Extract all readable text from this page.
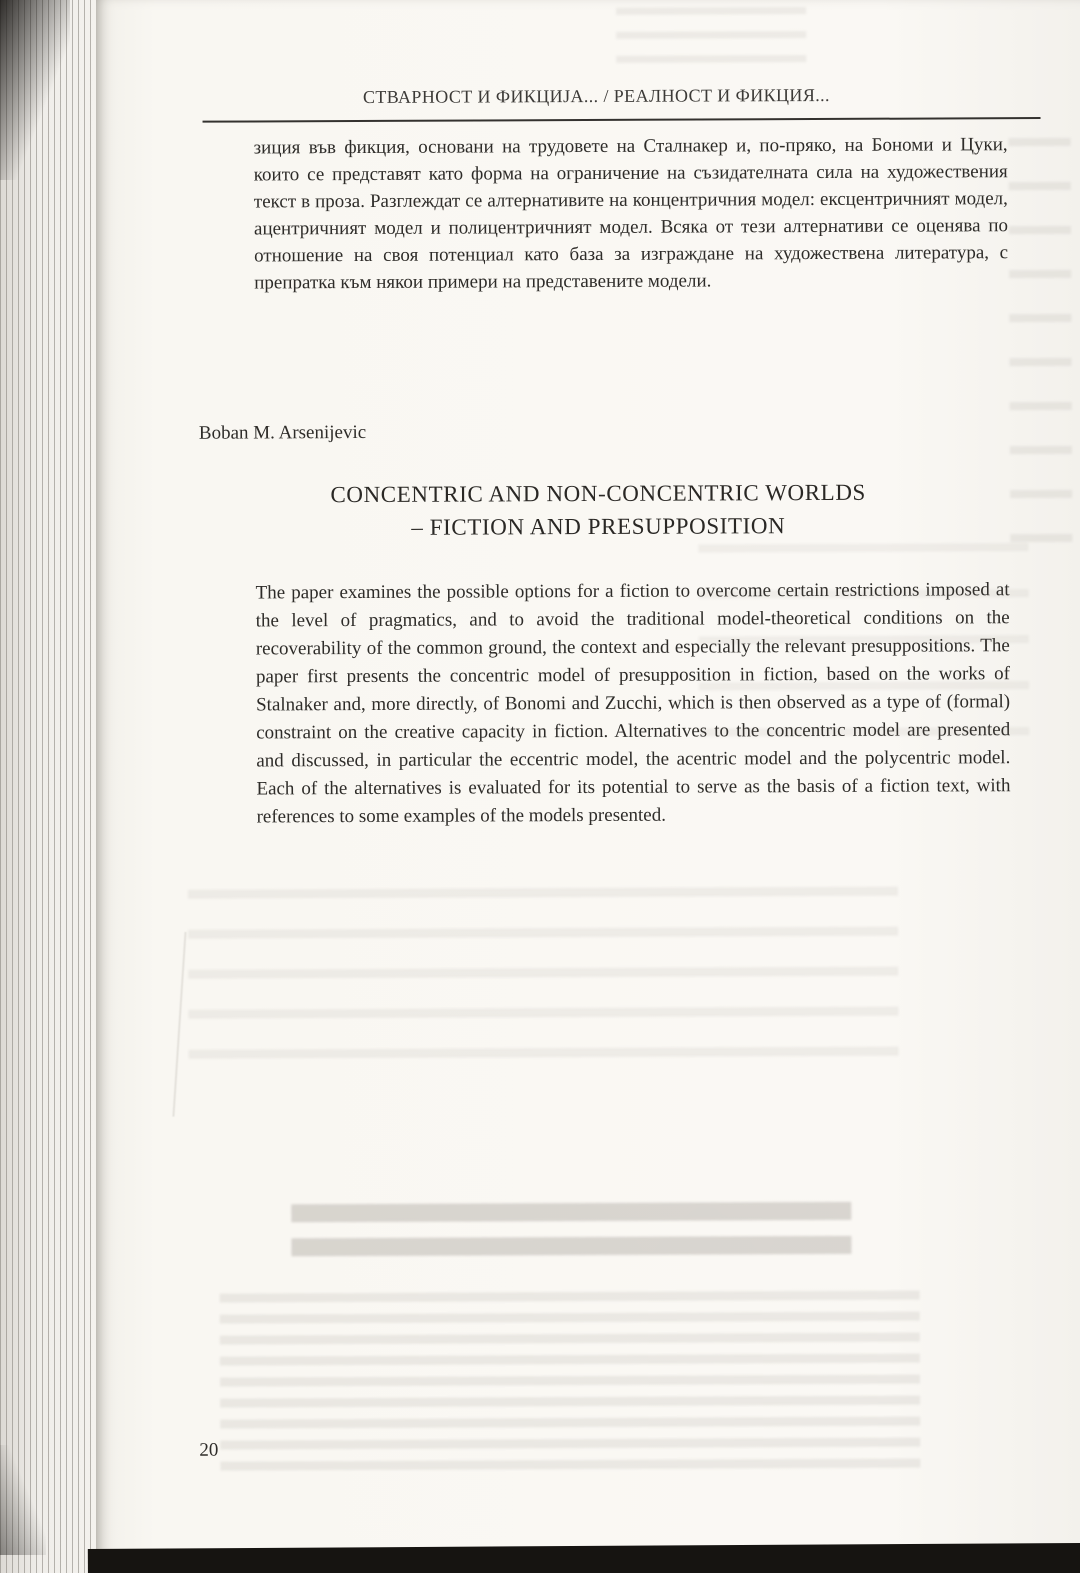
СТВАРНОСТ И ФИКЦИЈА... / РЕАЛНОСТ И ФИКЦИЯ...
зиция във фикция, основани на трудовете на Сталнакер и, по-пряко, на Бономи и Цуки, които се представят като форма на ограничение на съзидателната сила на художествения текст в проза. Разглеждат се алтернативите на концентричния модел: ексцентричният модел, ацентричният модел и полицентричният модел. Всяка от тези алтернативи се оценява по отношение на своя потенциал като база за изграждане на художествена литература, с препратка към някои примери на представените модели.
Boban M. Arsenijevic
CONCENTRIC AND NON-CONCENTRIC WORLDS
– FICTION AND PRESUPPOSITION
The paper examines the possible options for a fiction to overcome certain restrictions imposed at the level of pragmatics, and to avoid the traditional model-theoretical conditions on the recoverability of the common ground, the context and especially the relevant presuppositions. The paper first presents the concentric model of presupposition in fiction, based on the works of Stalnaker and, more directly, of Bonomi and Zucchi, which is then observed as a type of (formal) constraint on the creative capacity in fiction. Alternatives to the concentric model are presented and discussed, in particular the eccentric model, the acentric model and the polycentric model. Each of the alternatives is evaluated for its potential to serve as the basis of a fiction text, with references to some examples of the models presented.
20
